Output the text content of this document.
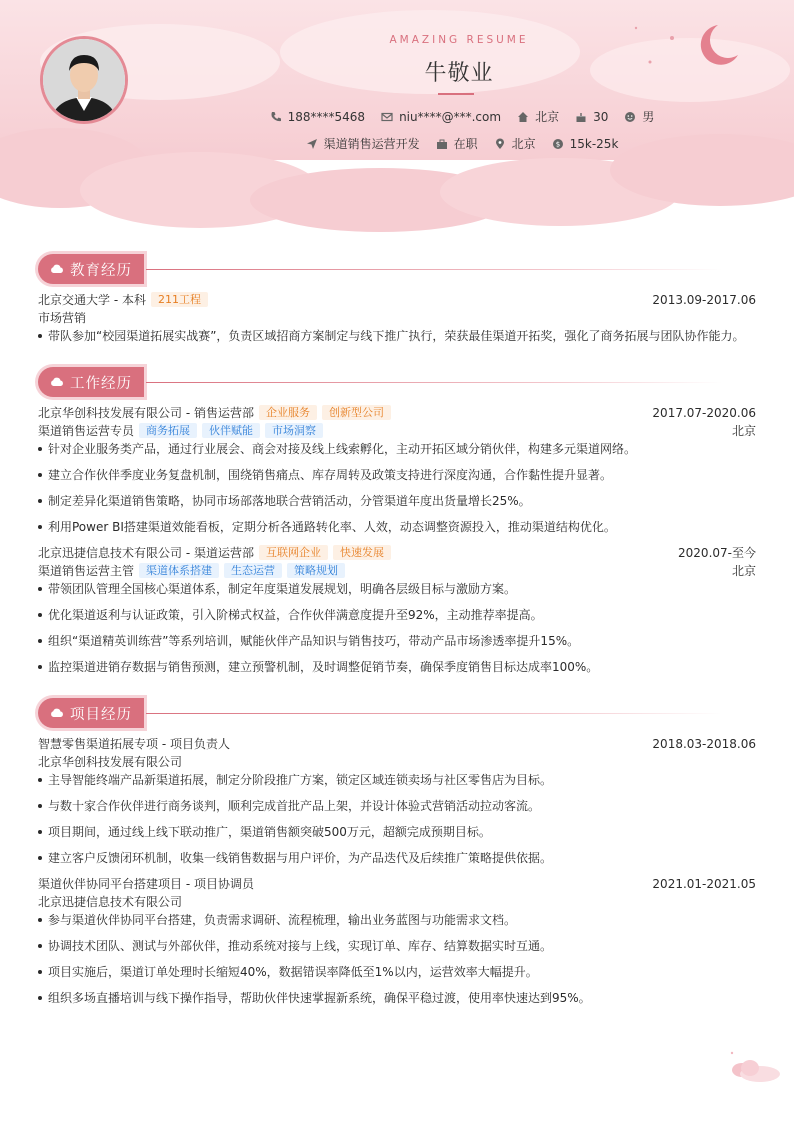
AMAZING RESUME
牛敬业
188****5468	niu****@***.com	北京	30	男
渠道销售运营开发	在职	北京	$ 15k-25k
教育经历
北京交通大学 - 本科 211工程	2013.09-2017.06
市场营销
带队参加“校园渠道拓展实战赛”，负责区域招商方案制定与线下推广执行，荣获最佳渠道开拓奖，强化了商务拓展与团队协作能力。
工作经历
北京华创科技发展有限公司 - 销售运营部 企业服务 创新型公司	2017.07-2020.06
渠道销售运营专员 商务拓展 伙伴赋能 市场洞察	北京
针对企业服务类产品，通过行业展会、商会对接及线上线索孵化，主动开拓区域分销伙伴，构建多元渠道网络。
建立合作伙伴季度业务复盘机制，围绕销售痛点、库存周转及政策支持进行深度沟通，合作黏性提升显著。
制定差异化渠道销售策略，协同市场部落地联合营销活动，分管渠道年度出货量增长25%。
利用Power BI搭建渠道效能看板，定期分析各通路转化率、人效，动态调整资源投入，推动渠道结构优化。
北京迅捷信息技术有限公司 - 渠道运营部 互联网企业 快速发展	2020.07-至今
渠道销售运营主管 渠道体系搭建 生态运营 策略规划	北京
带领团队管理全国核心渠道体系，制定年度渠道发展规划，明确各层级目标与激励方案。
优化渠道返利与认证政策，引入阶梯式权益，合作伙伴满意度提升至92%，主动推荐率提高。
组织“渠道精英训练营”等系列培训，赋能伙伴产品知识与销售技巧，带动产品市场渗透率提升15%。
监控渠道进销存数据与销售预测，建立预警机制，及时调整促销节奏，确保季度销售目标达成率100%。
项目经历
智慧零售渠道拓展专项 - 项目负责人	2018.03-2018.06
北京华创科技发展有限公司
主导智能终端产品新渠道拓展，制定分阶段推广方案，锁定区域连锁卖场与社区零售店为目标。
与数十家合作伙伴进行商务谈判，顺利完成首批产品上架，并设计体验式营销活动拉动客流。
项目期间，通过线上线下联动推广，渠道销售额突破500万元，超额完成预期目标。
建立客户反馈闭环机制，收集一线销售数据与用户评价，为产品迭代及后续推广策略提供依据。
渠道伙伴协同平台搭建项目 - 项目协调员	2021.01-2021.05
北京迅捷信息技术有限公司
参与渠道伙伴协同平台搭建，负责需求调研、流程梳理，输出业务蓝图与功能需求文档。
协调技术团队、测试与外部伙伴，推动系统对接与上线，实现订单、库存、结算数据实时互通。
项目实施后，渠道订单处理时长缩短40%，数据错误率降低至1%以内，运营效率大幅提升。
组织多场直播培训与线下操作指导，帮助伙伴快速掌握新系统，确保平稳过渡，使用率快速达到95%。
